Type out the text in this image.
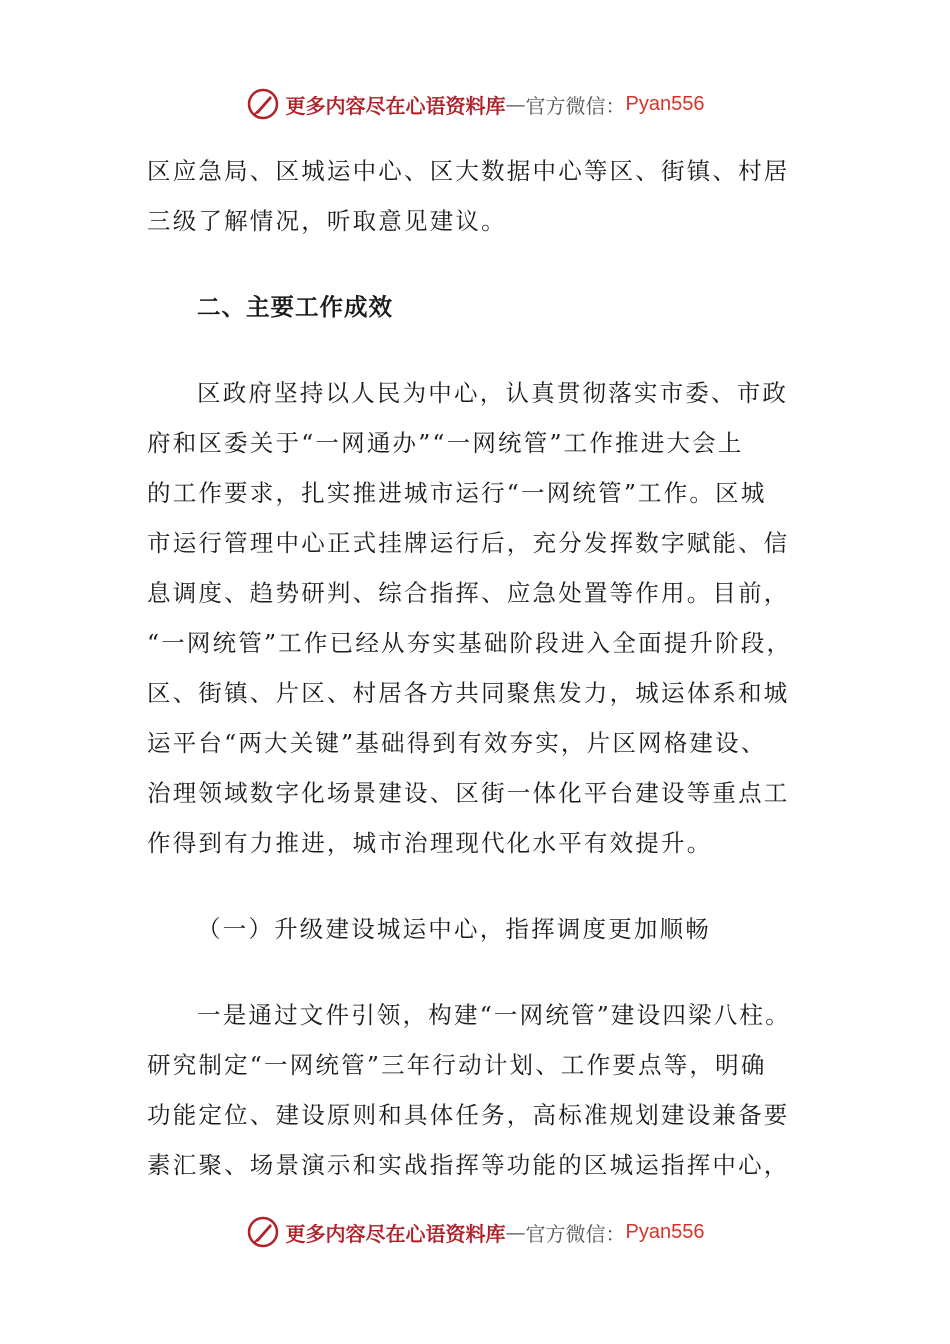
更多内容尽在心语资料库 — 官方微信： Pyan556
区应急局、区城运中心、区大数据中心等区、街镇、村居
三级了解情况，听取意见建议。
二、主要工作成效
区政府坚持以人民为中心，认真贯彻落实市委、市政
府和区委关于“一网通办”“一网统管”工作推进大会上
的工作要求，扎实推进城市运行“一网统管”工作。区城
市运行管理中心正式挂牌运行后，充分发挥数字赋能、信
息调度、趋势研判、综合指挥、应急处置等作用。目前，
“一网统管”工作已经从夯实基础阶段进入全面提升阶段，
区、街镇、片区、村居各方共同聚焦发力，城运体系和城
运平台“两大关键”基础得到有效夯实，片区网格建设、
治理领域数字化场景建设、区街一体化平台建设等重点工
作得到有力推进，城市治理现代化水平有效提升。
（一）升级建设城运中心，指挥调度更加顺畅
一是通过文件引领，构建“一网统管”建设四梁八柱。
研究制定“一网统管”三年行动计划、工作要点等，明确
功能定位、建设原则和具体任务，高标准规划建设兼备要
素汇聚、场景演示和实战指挥等功能的区城运指挥中心，
更多内容尽在心语资料库 — 官方微信： Pyan556
